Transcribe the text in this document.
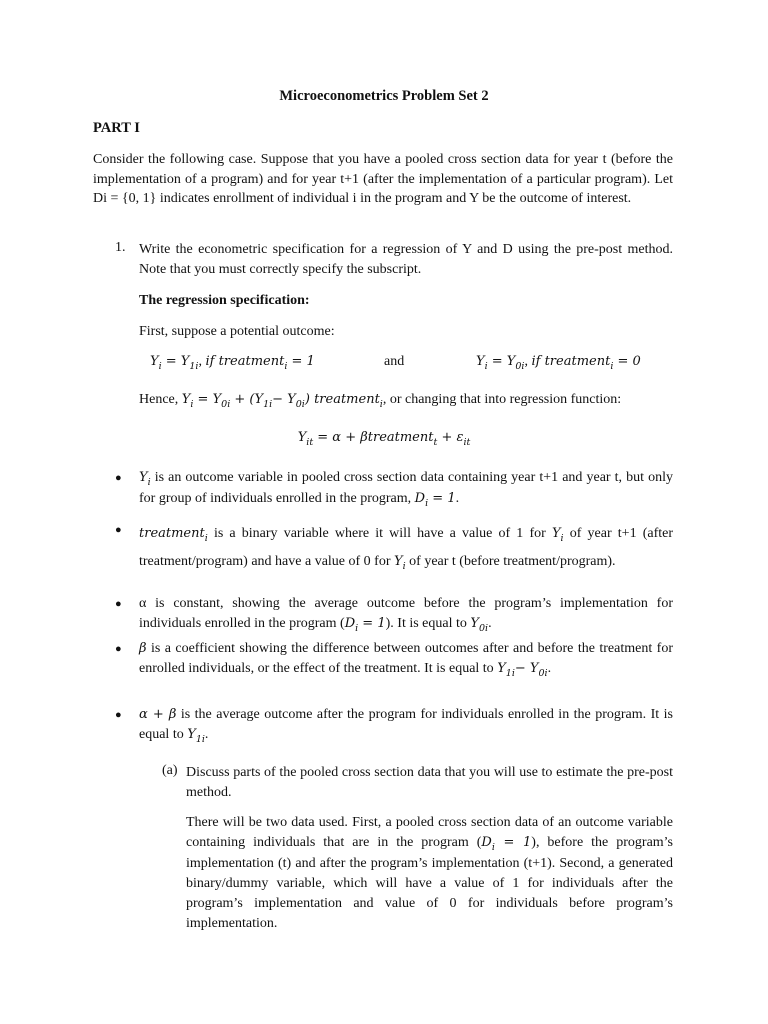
Microeconometrics Problem Set 2
PART I
Consider the following case. Suppose that you have a pooled cross section data for year t (before the implementation of a program) and for year t+1 (after the implementation of a particular program). Let Di = {0, 1} indicates enrollment of individual i in the program and Y be the outcome of interest.
1. Write the econometric specification for a regression of Y and D using the pre-post method. Note that you must correctly specify the subscript.
The regression specification:
First, suppose a potential outcome:
$Y_i = Y_{1i}$, if treatment$_i$ = 1	and	$Y_i = Y_{0i}$, if treatment$_i$ = 0
Hence, $Y_i = Y_{0i} + (Y_{1i}- Y_{0i})$ treatment$_i$, or changing that into regression function:
$Y_{it} = \alpha$ + βtreatment$_t$ + $\varepsilon_{it}$
● $Y_i$ is an outcome variable in pooled cross section data containing year t+1 and year t, but only for group of individuals enrolled in the program, $D_i = 1$.
● treatment$_i$ is a binary variable where it will have a value of 1 for $Y_i$ of year t+1 (after treatment/program) and have a value of 0 for $Y_i$ of year t (before treatment/program).
● α is constant, showing the average outcome before the program’s implementation for individuals enrolled in the program $(D_i = 1)$. It is equal to $Y_{0i}$.
● β is a coefficient showing the difference between outcomes after and before the treatment for enrolled individuals, or the effect of the treatment. It is equal to $Y_{1i}- Y_{0i}$.
● α + β is the average outcome after the program for individuals enrolled in the program. It is equal to $Y_{1i}$.
(a) Discuss parts of the pooled cross section data that you will use to estimate the pre-post method.
There will be two data used. First, a pooled cross section data of an outcome variable containing individuals that are in the program $(D_i = 1)$, before the program’s implementation (t) and after the program’s implementation (t+1). Second, a generated binary/dummy variable, which will have a value of 1 for individuals after the program’s implementation and value of 0 for individuals before program’s implementation.
